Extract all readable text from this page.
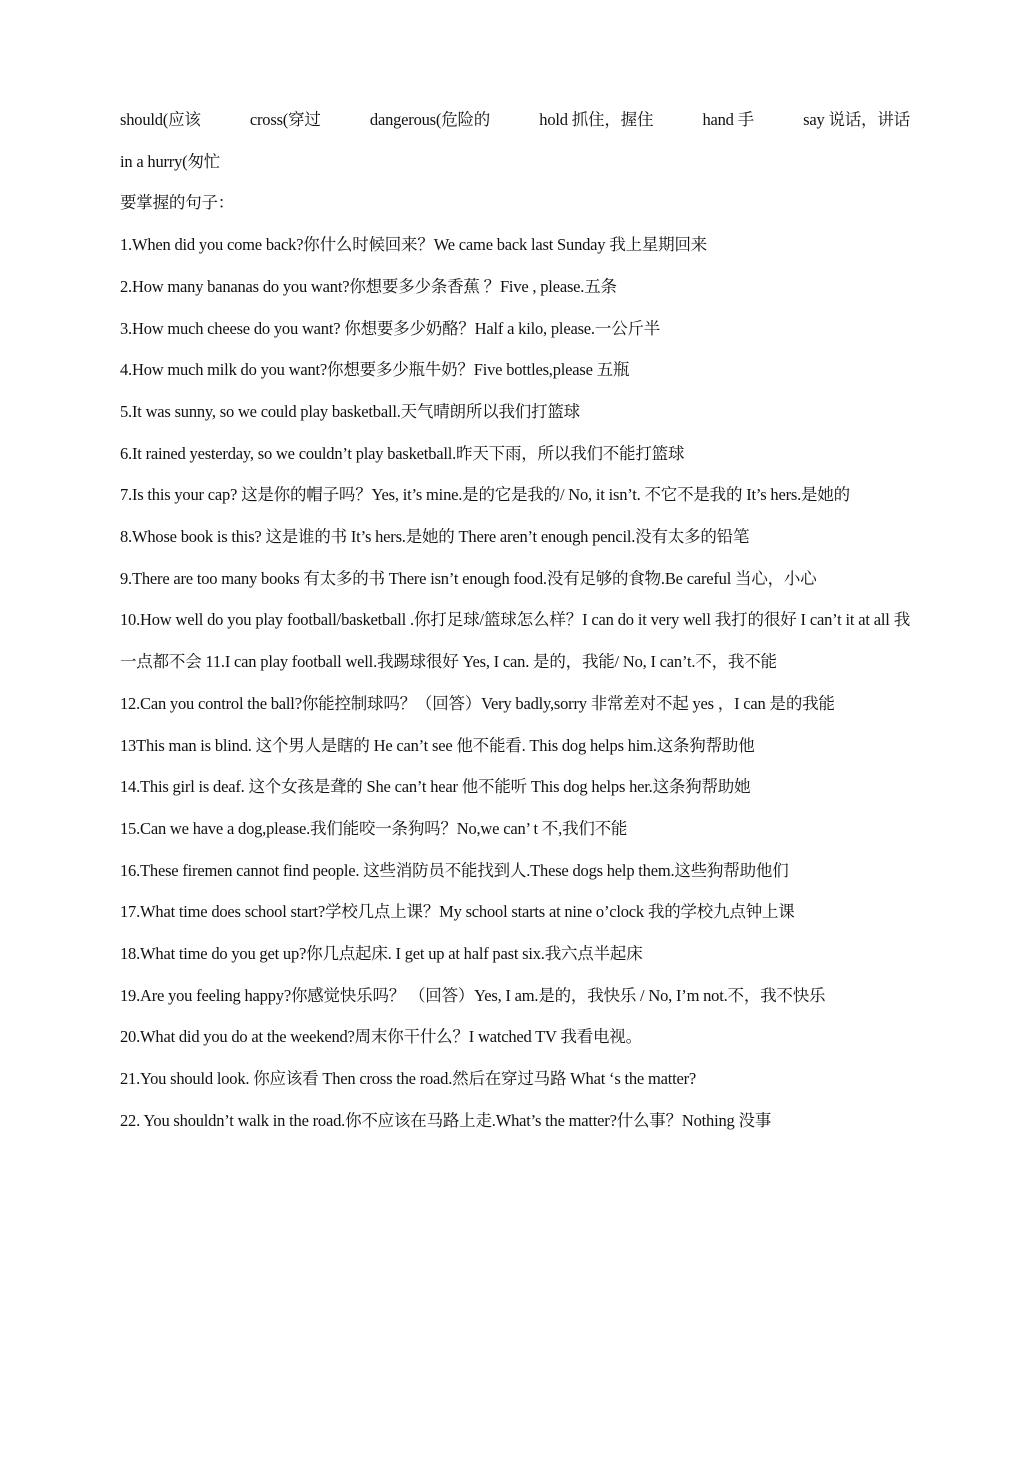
should(应该	cross(穿过	dangerous(危险的	hold 抓住，握住	hand 手	say 说话，讲话

in a hurry(匆忙

要掌握的句子：

1.When did you come back?你什么时候回来？We came back last Sunday 我上星期回来

2.How many bananas do you want?你想要多少条香蕉 ？Five , please.五条

3.How much cheese do you want? 你想要多少奶酪？Half a kilo, please.一公斤半

4.How much milk do you want?你想要多少瓶牛奶？Five bottles,please 五瓶

5.It was sunny, so we could play basketball.天气晴朗所以我们打篮球

6.It rained yesterday, so we couldn’t play basketball.昨天下雨，所以我们不能打篮球

7.Is this your cap? 这是你的帽子吗？Yes, it’s mine.是的它是我的/ No, it isn’t. 不它不是我的 It’s hers.是她的

8.Whose book is this? 这是谁的书 It’s hers.是她的 There aren’t enough pencil.没有太多的铅笔

9.There are too many books 有太多的书 There isn’t enough food.没有足够的食物.Be careful 当心，小心

10.How well do you play football/basketball .你打足球/篮球怎么样？I can do it very well 我打的很好 I can’t it at all 我一点都不会 11.I can play football well.我踢球很好 Yes, I can. 是的，我能/ No, I can’t.不，我不能

12.Can you control the ball?你能控制球吗？（回答）Very badly,sorry 非常差对不起 yes ，I can 是的我能

13This man is blind. 这个男人是瞎的 He can’t see 他不能看. This dog helps him.这条狗帮助他

14.This girl is deaf. 这个女孩是聋的 She can’t hear 他不能听 This dog helps her.这条狗帮助她

15.Can we have a dog,please.我们能咬一条狗吗？No,we can’ t 不,我们不能

16.These firemen cannot find people. 这些消防员不能找到人.These dogs help them.这些狗帮助他们

17.What time does school start?学校几点上课？My school starts at nine o’clock 我的学校九点钟上课

18.What time do you get up?你几点起床. I get up at half past six.我六点半起床

19.Are you feeling happy?你感觉快乐吗？ （回答）Yes, I am.是的，我快乐 / No, I’m not.不，我不快乐

20.What did you do at the weekend?周末你干什么？I watched TV 我看电视。

21.You should look. 你应该看 Then cross the road.然后在穿过马路 What ‘s the matter?

22. You shouldn’t walk in the road.你不应该在马路上走.What’s the matter?什么事？Nothing 没事
